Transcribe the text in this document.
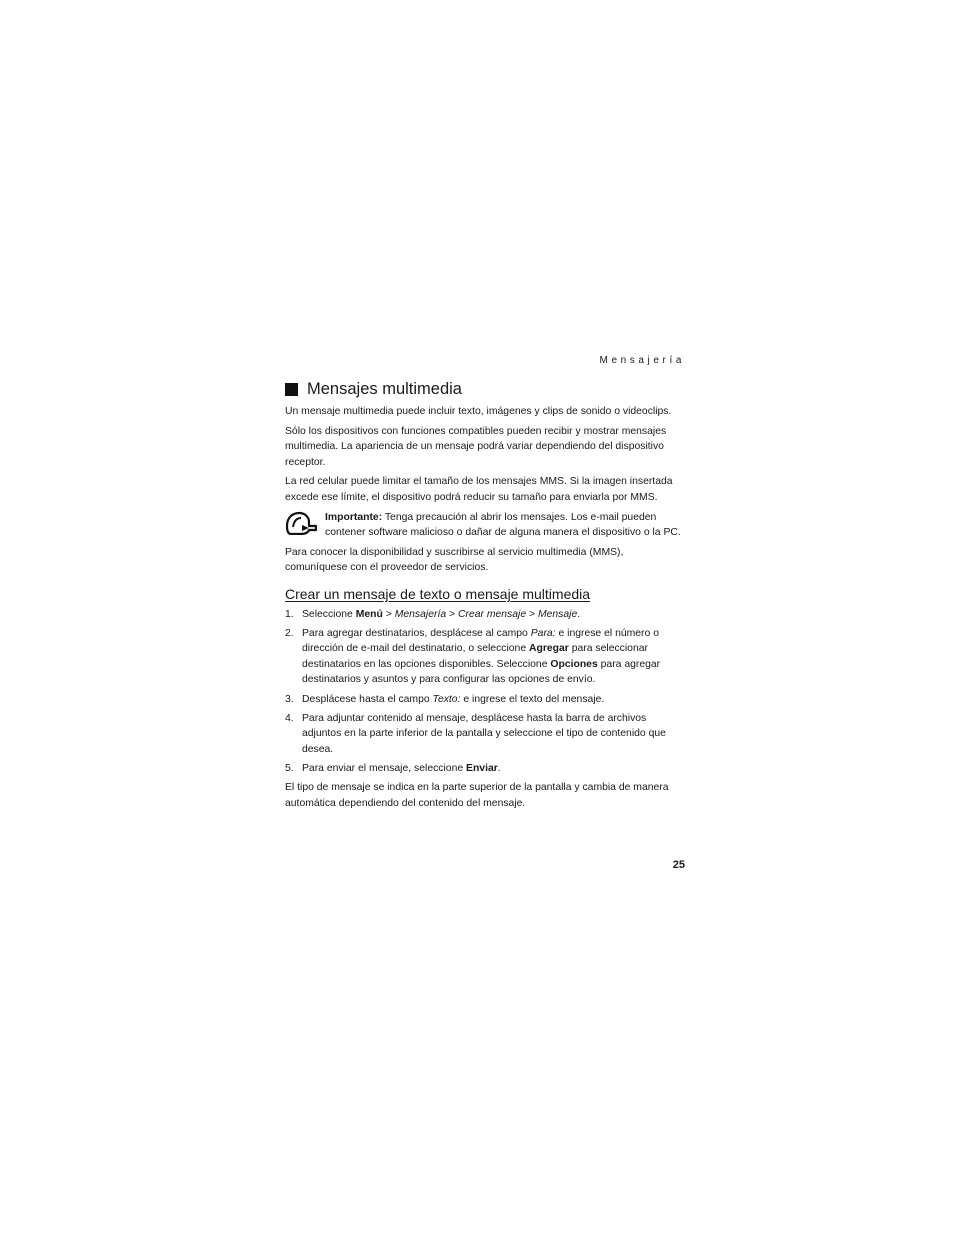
Mensajería
Mensajes multimedia

Un mensaje multimedia puede incluir texto, imágenes y clips de sonido o videoclips.

Sólo los dispositivos con funciones compatibles pueden recibir y mostrar mensajes multimedia. La apariencia de un mensaje podrá variar dependiendo del dispositivo receptor.

La red celular puede limitar el tamaño de los mensajes MMS. Si la imagen insertada excede ese límite, el dispositivo podrá reducir su tamaño para enviarla por MMS.

Importante: Tenga precaución al abrir los mensajes. Los e-mail pueden contener software malicioso o dañar de alguna manera el dispositivo o la PC.

Para conocer la disponibilidad y suscribirse al servicio multimedia (MMS), comuníquese con el proveedor de servicios.

Crear un mensaje de texto o mensaje multimedia
1. Seleccione Menú > Mensajería > Crear mensaje > Mensaje.
2. Para agregar destinatarios, desplácese al campo Para: e ingrese el número o dirección de e-mail del destinatario, o seleccione Agregar para seleccionar destinatarios en las opciones disponibles. Seleccione Opciones para agregar destinatarios y asuntos y para configurar las opciones de envío.
3. Desplácese hasta el campo Texto: e ingrese el texto del mensaje.
4. Para adjuntar contenido al mensaje, desplácese hasta la barra de archivos adjuntos en la parte inferior de la pantalla y seleccione el tipo de contenido que desea.
5. Para enviar el mensaje, seleccione Enviar.

El tipo de mensaje se indica en la parte superior de la pantalla y cambia de manera automática dependiendo del contenido del mensaje.

25
